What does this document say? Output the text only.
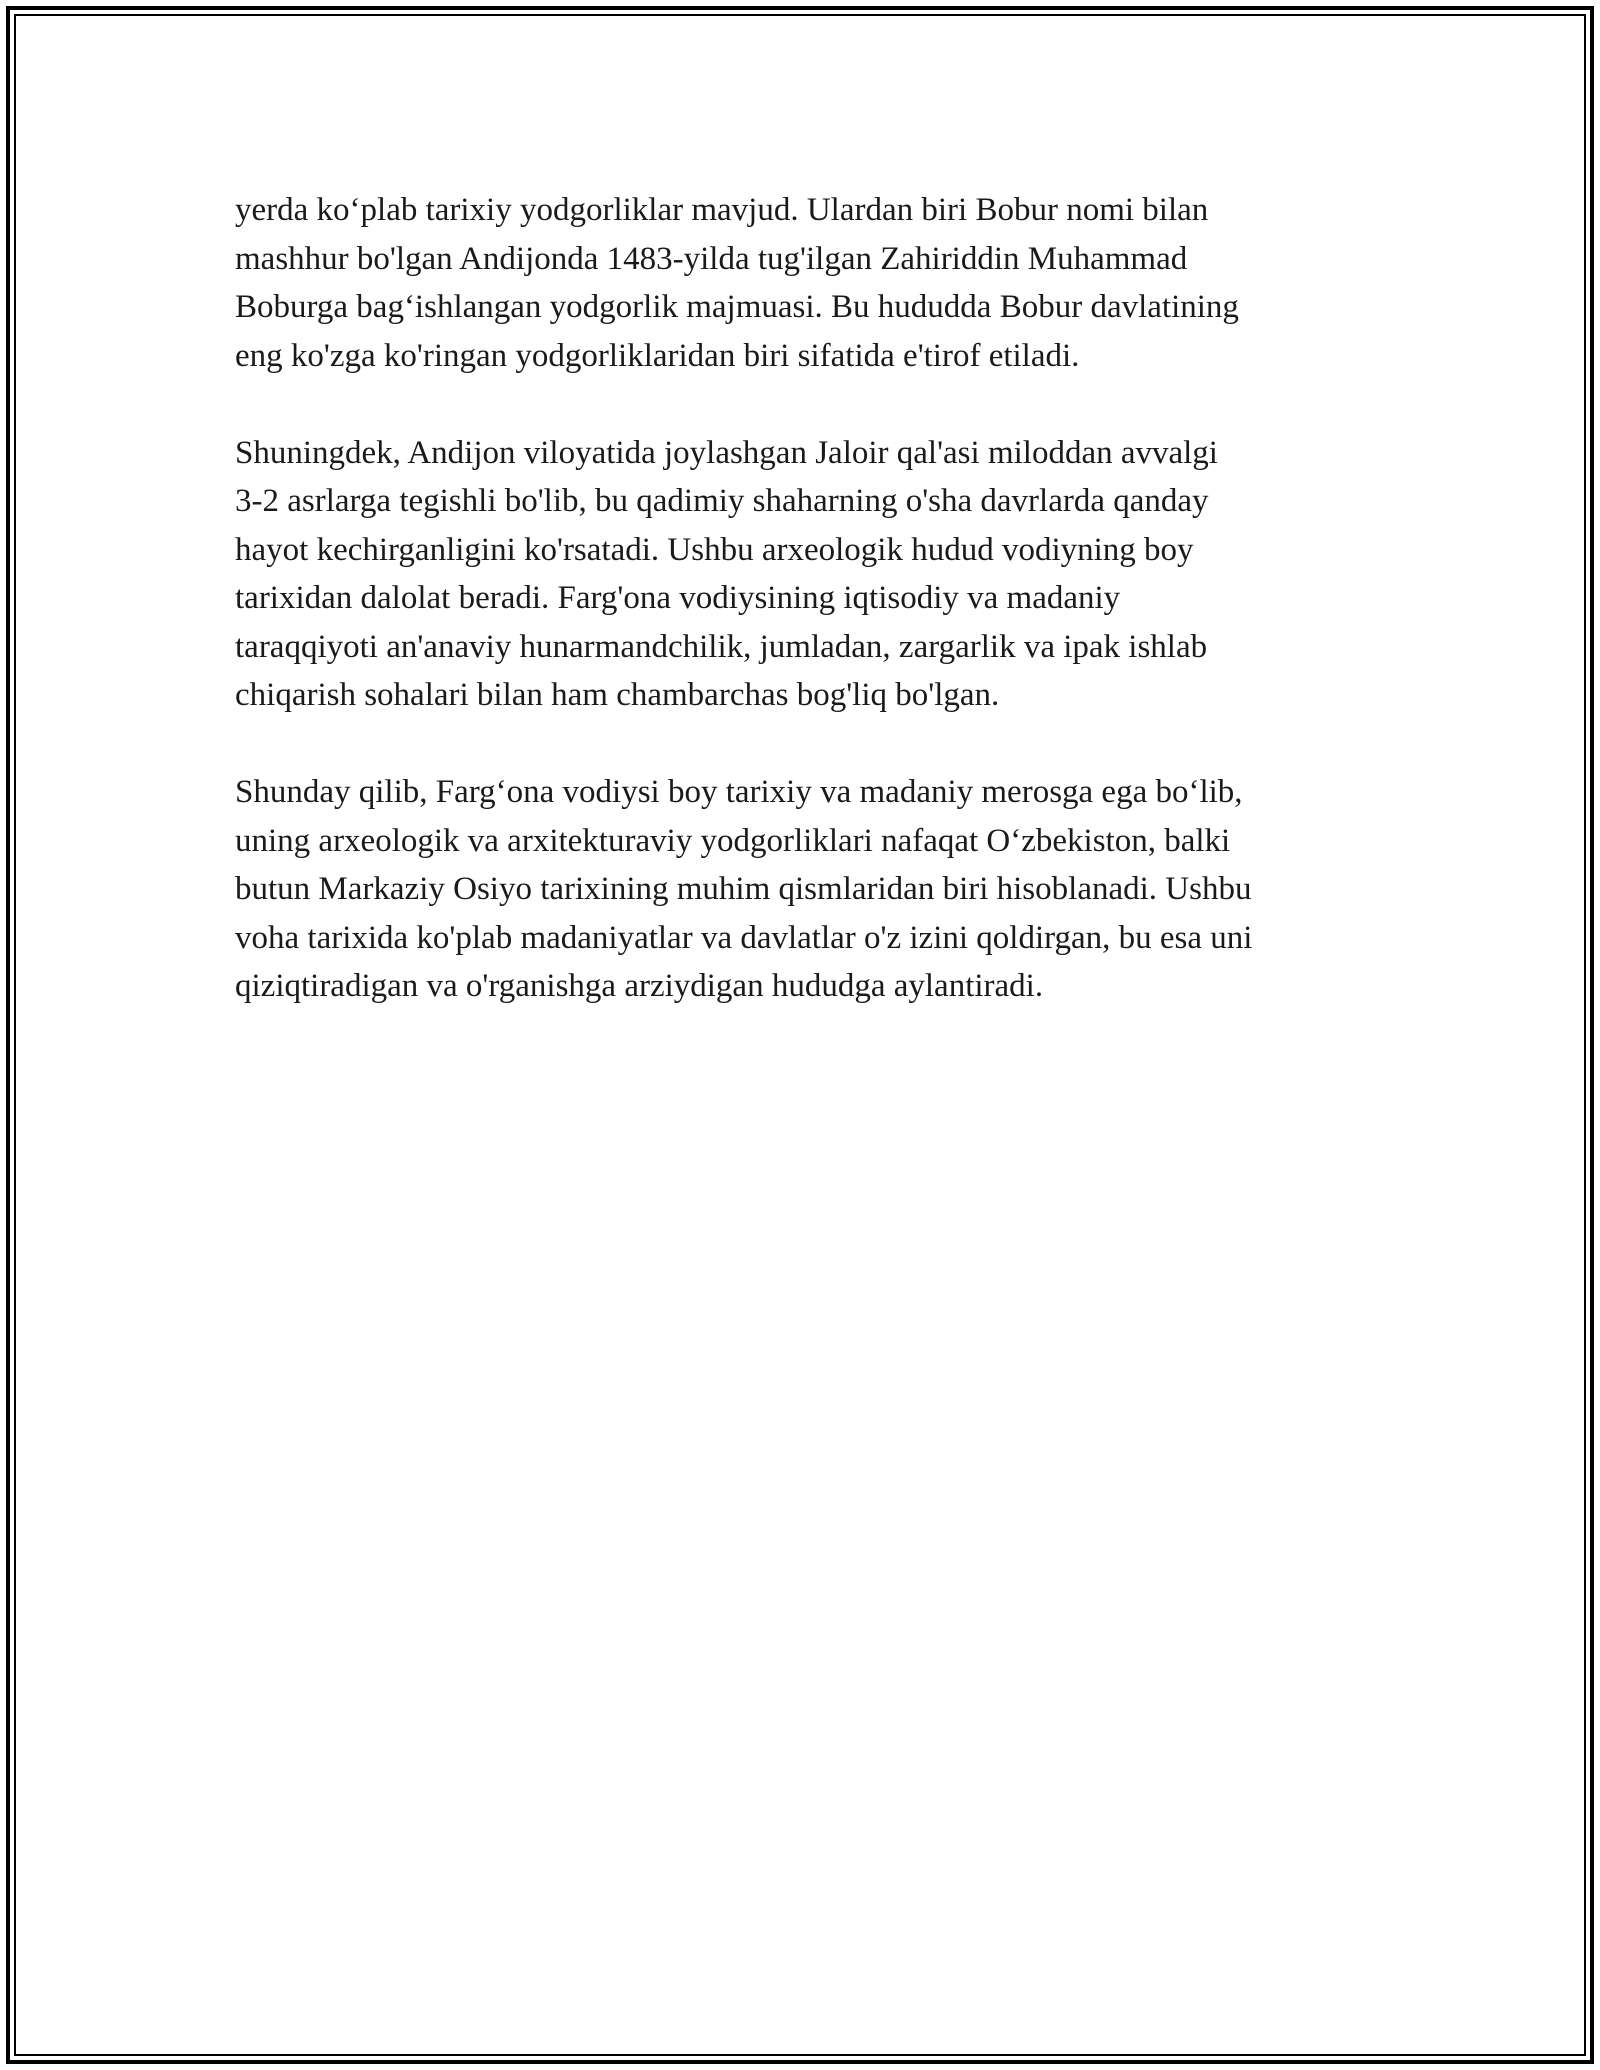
yerda ko‘plab tarixiy yodgorliklar mavjud. Ulardan biri Bobur nomi bilan
mashhur bo'lgan Andijonda 1483-yilda tug'ilgan Zahiriddin Muhammad
Boburga bag‘ishlangan yodgorlik majmuasi. Bu hududda Bobur davlatining
eng ko'zga ko'ringan yodgorliklaridan biri sifatida e'tirof etiladi.

Shuningdek, Andijon viloyatida joylashgan Jaloir qal'asi miloddan avvalgi
3-2 asrlarga tegishli bo'lib, bu qadimiy shaharning o'sha davrlarda qanday
hayot kechirganligini ko'rsatadi. Ushbu arxeologik hudud vodiyning boy
tarixidan dalolat beradi. Farg'ona vodiysining iqtisodiy va madaniy
taraqqiyoti an'anaviy hunarmandchilik, jumladan, zargarlik va ipak ishlab
chiqarish sohalari bilan ham chambarchas bog'liq bo'lgan.

Shunday qilib, Farg‘ona vodiysi boy tarixiy va madaniy merosga ega bo‘lib,
uning arxeologik va arxitekturaviy yodgorliklari nafaqat O‘zbekiston, balki
butun Markaziy Osiyo tarixining muhim qismlaridan biri hisoblanadi. Ushbu
voha tarixida ko'plab madaniyatlar va davlatlar o'z izini qoldirgan, bu esa uni
qiziqtiradigan va o'rganishga arziydigan hududga aylantiradi.
